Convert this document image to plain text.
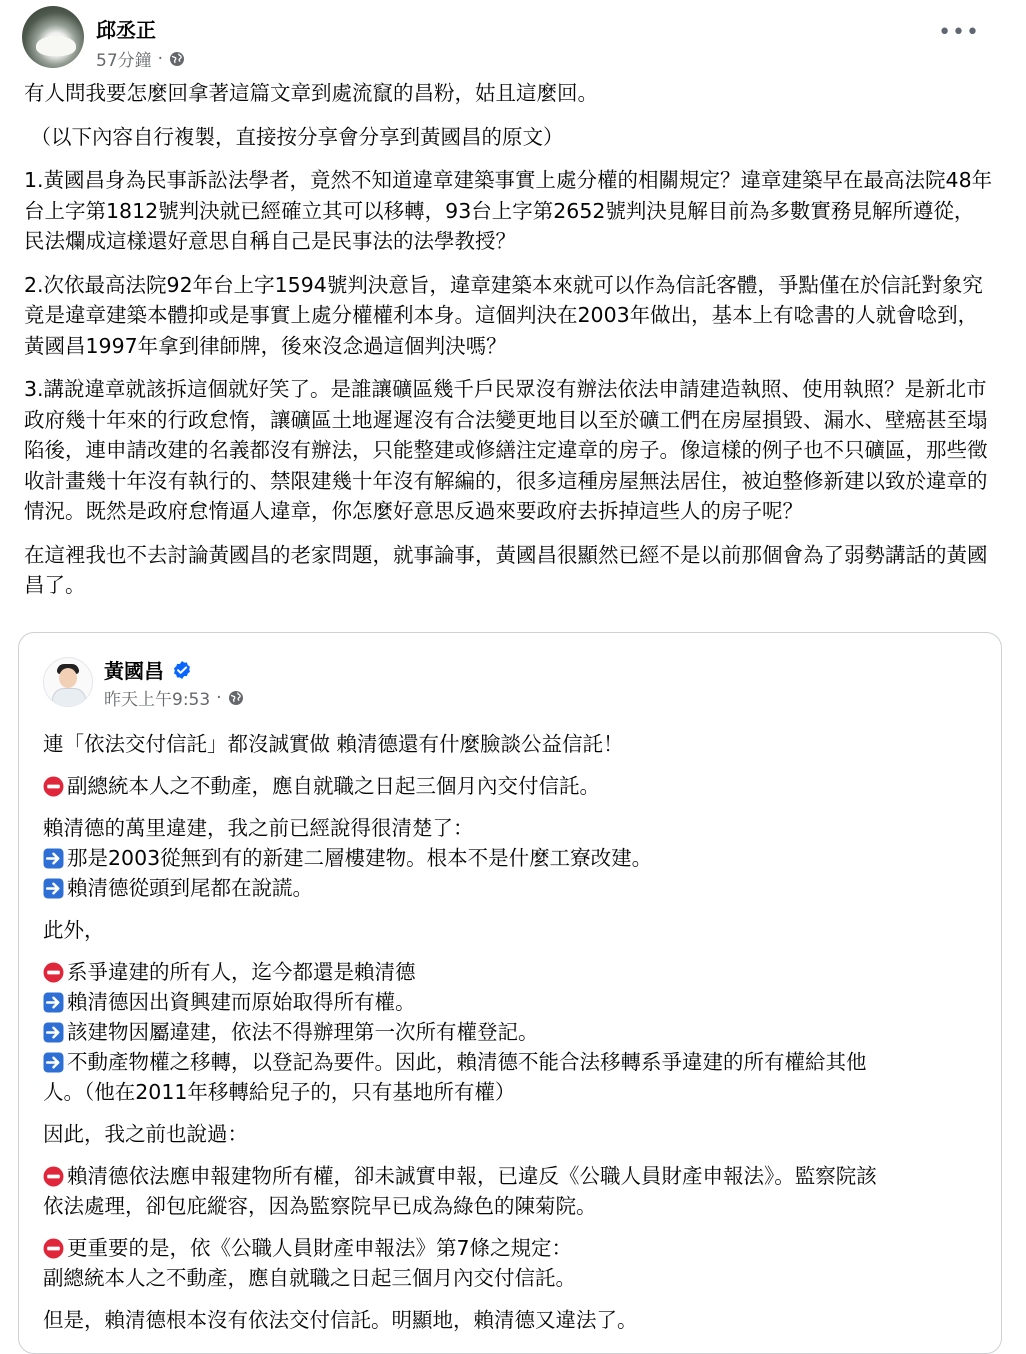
邱丞正
57分鐘 ·
•••

有人問我要怎麼回拿著這篇文章到處流竄的昌粉，姑且這麼回。

（以下內容自行複製，直接按分享會分享到黃國昌的原文）

1.黃國昌身為民事訴訟法學者，竟然不知道違章建築事實上處分權的相關規定？違章建築早在最高法院48年台上字第1812號判決就已經確立其可以移轉，93台上字第2652號判決見解目前為多數實務見解所遵從，民法爛成這樣還好意思自稱自己是民事法的法學教授？

2.次依最高法院92年台上字1594號判決意旨，違章建築本來就可以作為信託客體，爭點僅在於信託對象究竟是違章建築本體抑或是事實上處分權權利本身。這個判決在2003年做出，基本上有唸書的人就會唸到，黃國昌1997年拿到律師牌，後來沒念過這個判決嗎？

3.講說違章就該拆這個就好笑了。是誰讓礦區幾千戶民眾沒有辦法依法申請建造執照、使用執照？是新北市政府幾十年來的行政怠惰，讓礦區土地遲遲沒有合法變更地目以至於礦工們在房屋損毀、漏水、壁癌甚至塌陷後，連申請改建的名義都沒有辦法，只能整建或修繕注定違章的房子。像這樣的例子也不只礦區，那些徵收計畫幾十年沒有執行的、禁限建幾十年沒有解編的，很多這種房屋無法居住，被迫整修新建以致於違章的情況。既然是政府怠惰逼人違章，你怎麼好意思反過來要政府去拆掉這些人的房子呢？

在這裡我也不去討論黃國昌的老家問題，就事論事，黃國昌很顯然已經不是以前那個會為了弱勢講話的黃國昌了。

黃國昌
昨天上午9:53 ·

連「依法交付信託」都沒誠實做 賴清德還有什麼臉談公益信託！

副總統本人之不動產，應自就職之日起三個月內交付信託。

賴清德的萬里違建，我之前已經說得很清楚了：
那是2003從無到有的新建二層樓建物。根本不是什麼工寮改建。
賴清德從頭到尾都在說謊。

此外，

系爭違建的所有人，迄今都還是賴清德
賴清德因出資興建而原始取得所有權。
該建物因屬違建，依法不得辦理第一次所有權登記。
不動產物權之移轉，以登記為要件。因此，賴清德不能合法移轉系爭違建的所有權給其他
人。（他在2011年移轉給兒子的，只有基地所有權）

因此，我之前也說過：

賴清德依法應申報建物所有權，卻未誠實申報，已違反《公職人員財產申報法》。監察院該
依法處理，卻包庇縱容，因為監察院早已成為綠色的陳菊院。

更重要的是，依《公職人員財產申報法》第7條之規定：
副總統本人之不動產，應自就職之日起三個月內交付信託。

但是，賴清德根本沒有依法交付信託。明顯地，賴清德又違法了。
